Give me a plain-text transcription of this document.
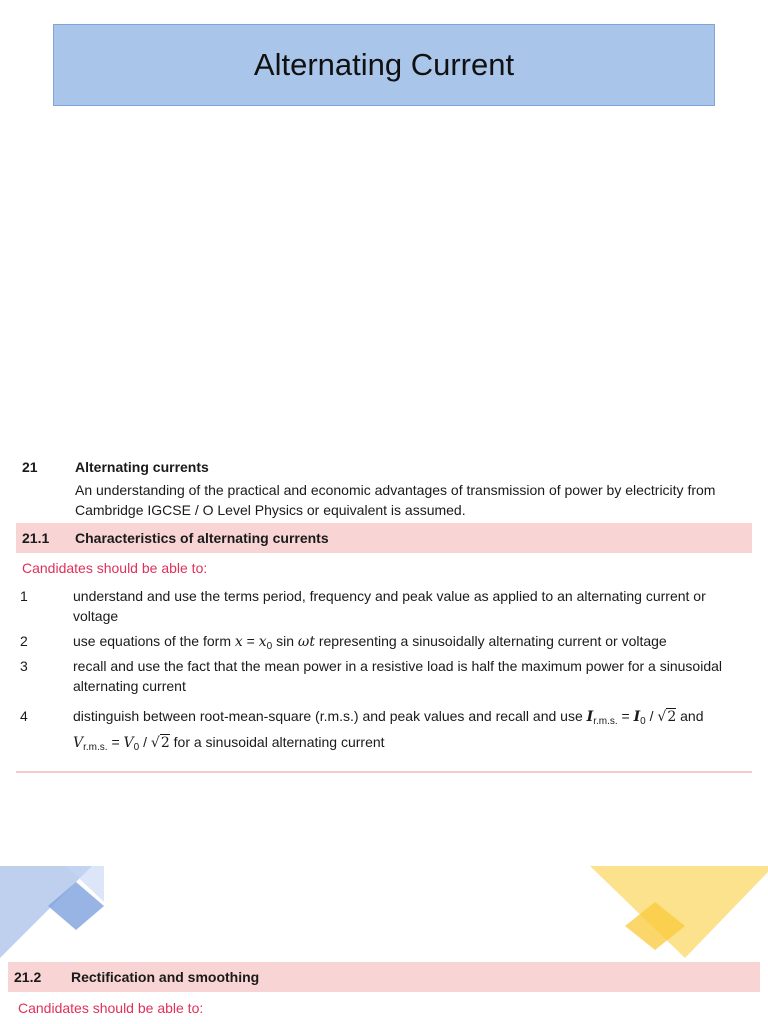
Alternating Current
21	Alternating currents
An understanding of the practical and economic advantages of transmission of power by electricity from Cambridge IGCSE / O Level Physics or equivalent is assumed.
21.1 Characteristics of alternating currents
Candidates should be able to:
1	understand and use the terms period, frequency and peak value as applied to an alternating current or voltage
2	use equations of the form $x = x_0$ sin ωt representing a sinusoidally alternating current or voltage
3	recall and use the fact that the mean power in a resistive load is half the maximum power for a sinusoidal alternating current
4	distinguish between root-mean-square (r.m.s.) and peak values and recall and use $I_{r.m.s.} = I_0 / √2$ and
$V_{r.m.s.} = V_0 / √2$ for a sinusoidal alternating current
21.2 Rectification and smoothing
Candidates should be able to:
